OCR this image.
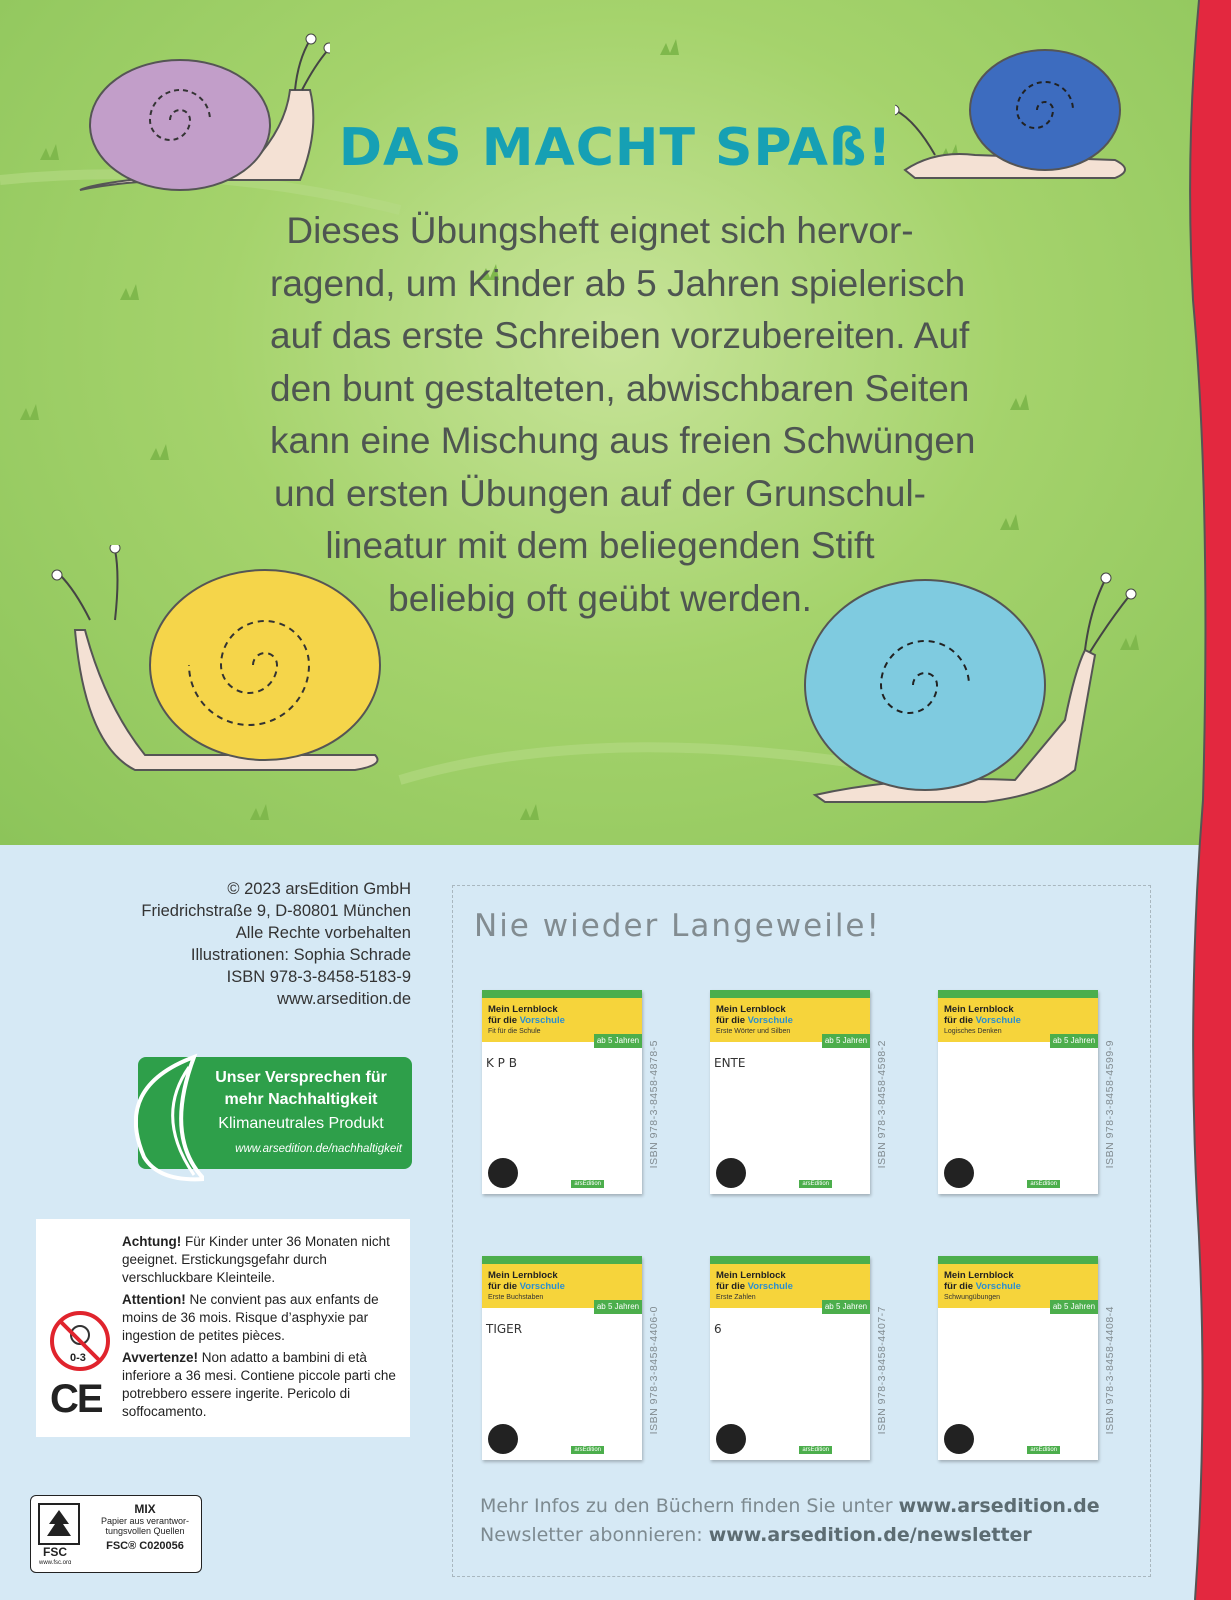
DAS MACHT SPAß!
Dieses Übungsheft eignet sich hervor-
ragend, um Kinder ab 5 Jahren spielerisch
auf das erste Schreiben vorzubereiten. Auf
den bunt gestalteten, abwischbaren Seiten
kann eine Mischung aus freien Schwüngen
und ersten Übungen auf der Grunschul-
lineatur mit dem beliegenden Stift
beliebig oft geübt werden.
© 2023 arsEdition GmbH
Friedrichstraße 9, D-80801 München
Alle Rechte vorbehalten
Illustrationen: Sophia Schrade
ISBN 978-3-8458-5183-9
www.arsedition.de
Unser Versprechen für
mehr Nachhaltigkeit
Klimaneutrales Produkt
www.arsedition.de/nachhaltigkeit
0-3
CE

Achtung! Für Kinder unter 36 Monaten nicht geeignet. Erstickungsgefahr durch verschluckbare Kleinteile.

Attention! Ne convient pas aux enfants de moins de 36 mois. Risque d’asphyxie par ingestion de petites pièces.

Avvertenze! Non adatto a bambini di età inferiore a 36 mesi. Contiene piccole parti che potrebbero essere ingerite. Pericolo di soffocamento.

FSC
www.fsc.org
MIX
Papier aus verantwor-
tungsvollen Quellen
FSC® C020056
Nie wieder Langeweile!
Mein Lernblock
für die Vorschule
Fit für die Schule
ab 5 Jahren
K P B
arsEdition
ISBN 978-3-8458-4878-5
Mein Lernblock
für die Vorschule
Erste Wörter und Silben
ab 5 Jahren
ENTE
arsEdition
ISBN 978-3-8458-4598-2
Mein Lernblock
für die Vorschule
Logisches Denken
ab 5 Jahren
arsEdition
ISBN 978-3-8458-4599-9
Mein Lernblock
für die Vorschule
Erste Buchstaben
ab 5 Jahren
TIGER
arsEdition
ISBN 978-3-8458-4406-0
Mein Lernblock
für die Vorschule
Erste Zahlen
ab 5 Jahren
6
arsEdition
ISBN 978-3-8458-4407-7
Mein Lernblock
für die Vorschule
Schwungübungen
ab 5 Jahren
arsEdition
ISBN 978-3-8458-4408-4
Mehr Infos zu den Büchern finden Sie unter www.arsedition.de
Newsletter abonnieren: www.arsedition.de/newsletter
